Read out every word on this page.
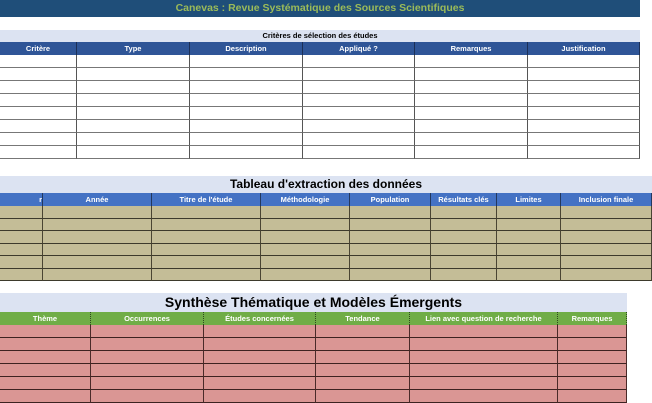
Canevas : Revue Systématique des Sources Scientifiques
Critères de sélection des études
Critère	Type	Description	Appliqué ?	Remarques	Justification
Tableau d'extraction des données
r	Année	Titre de l'étude	Méthodologie	Population	Résultats clés	Limites	Inclusion finale
Synthèse Thématique et Modèles Émergents
Thème	Occurrences	Études concernées	Tendance	Lien avec question de recherche	Remarques
